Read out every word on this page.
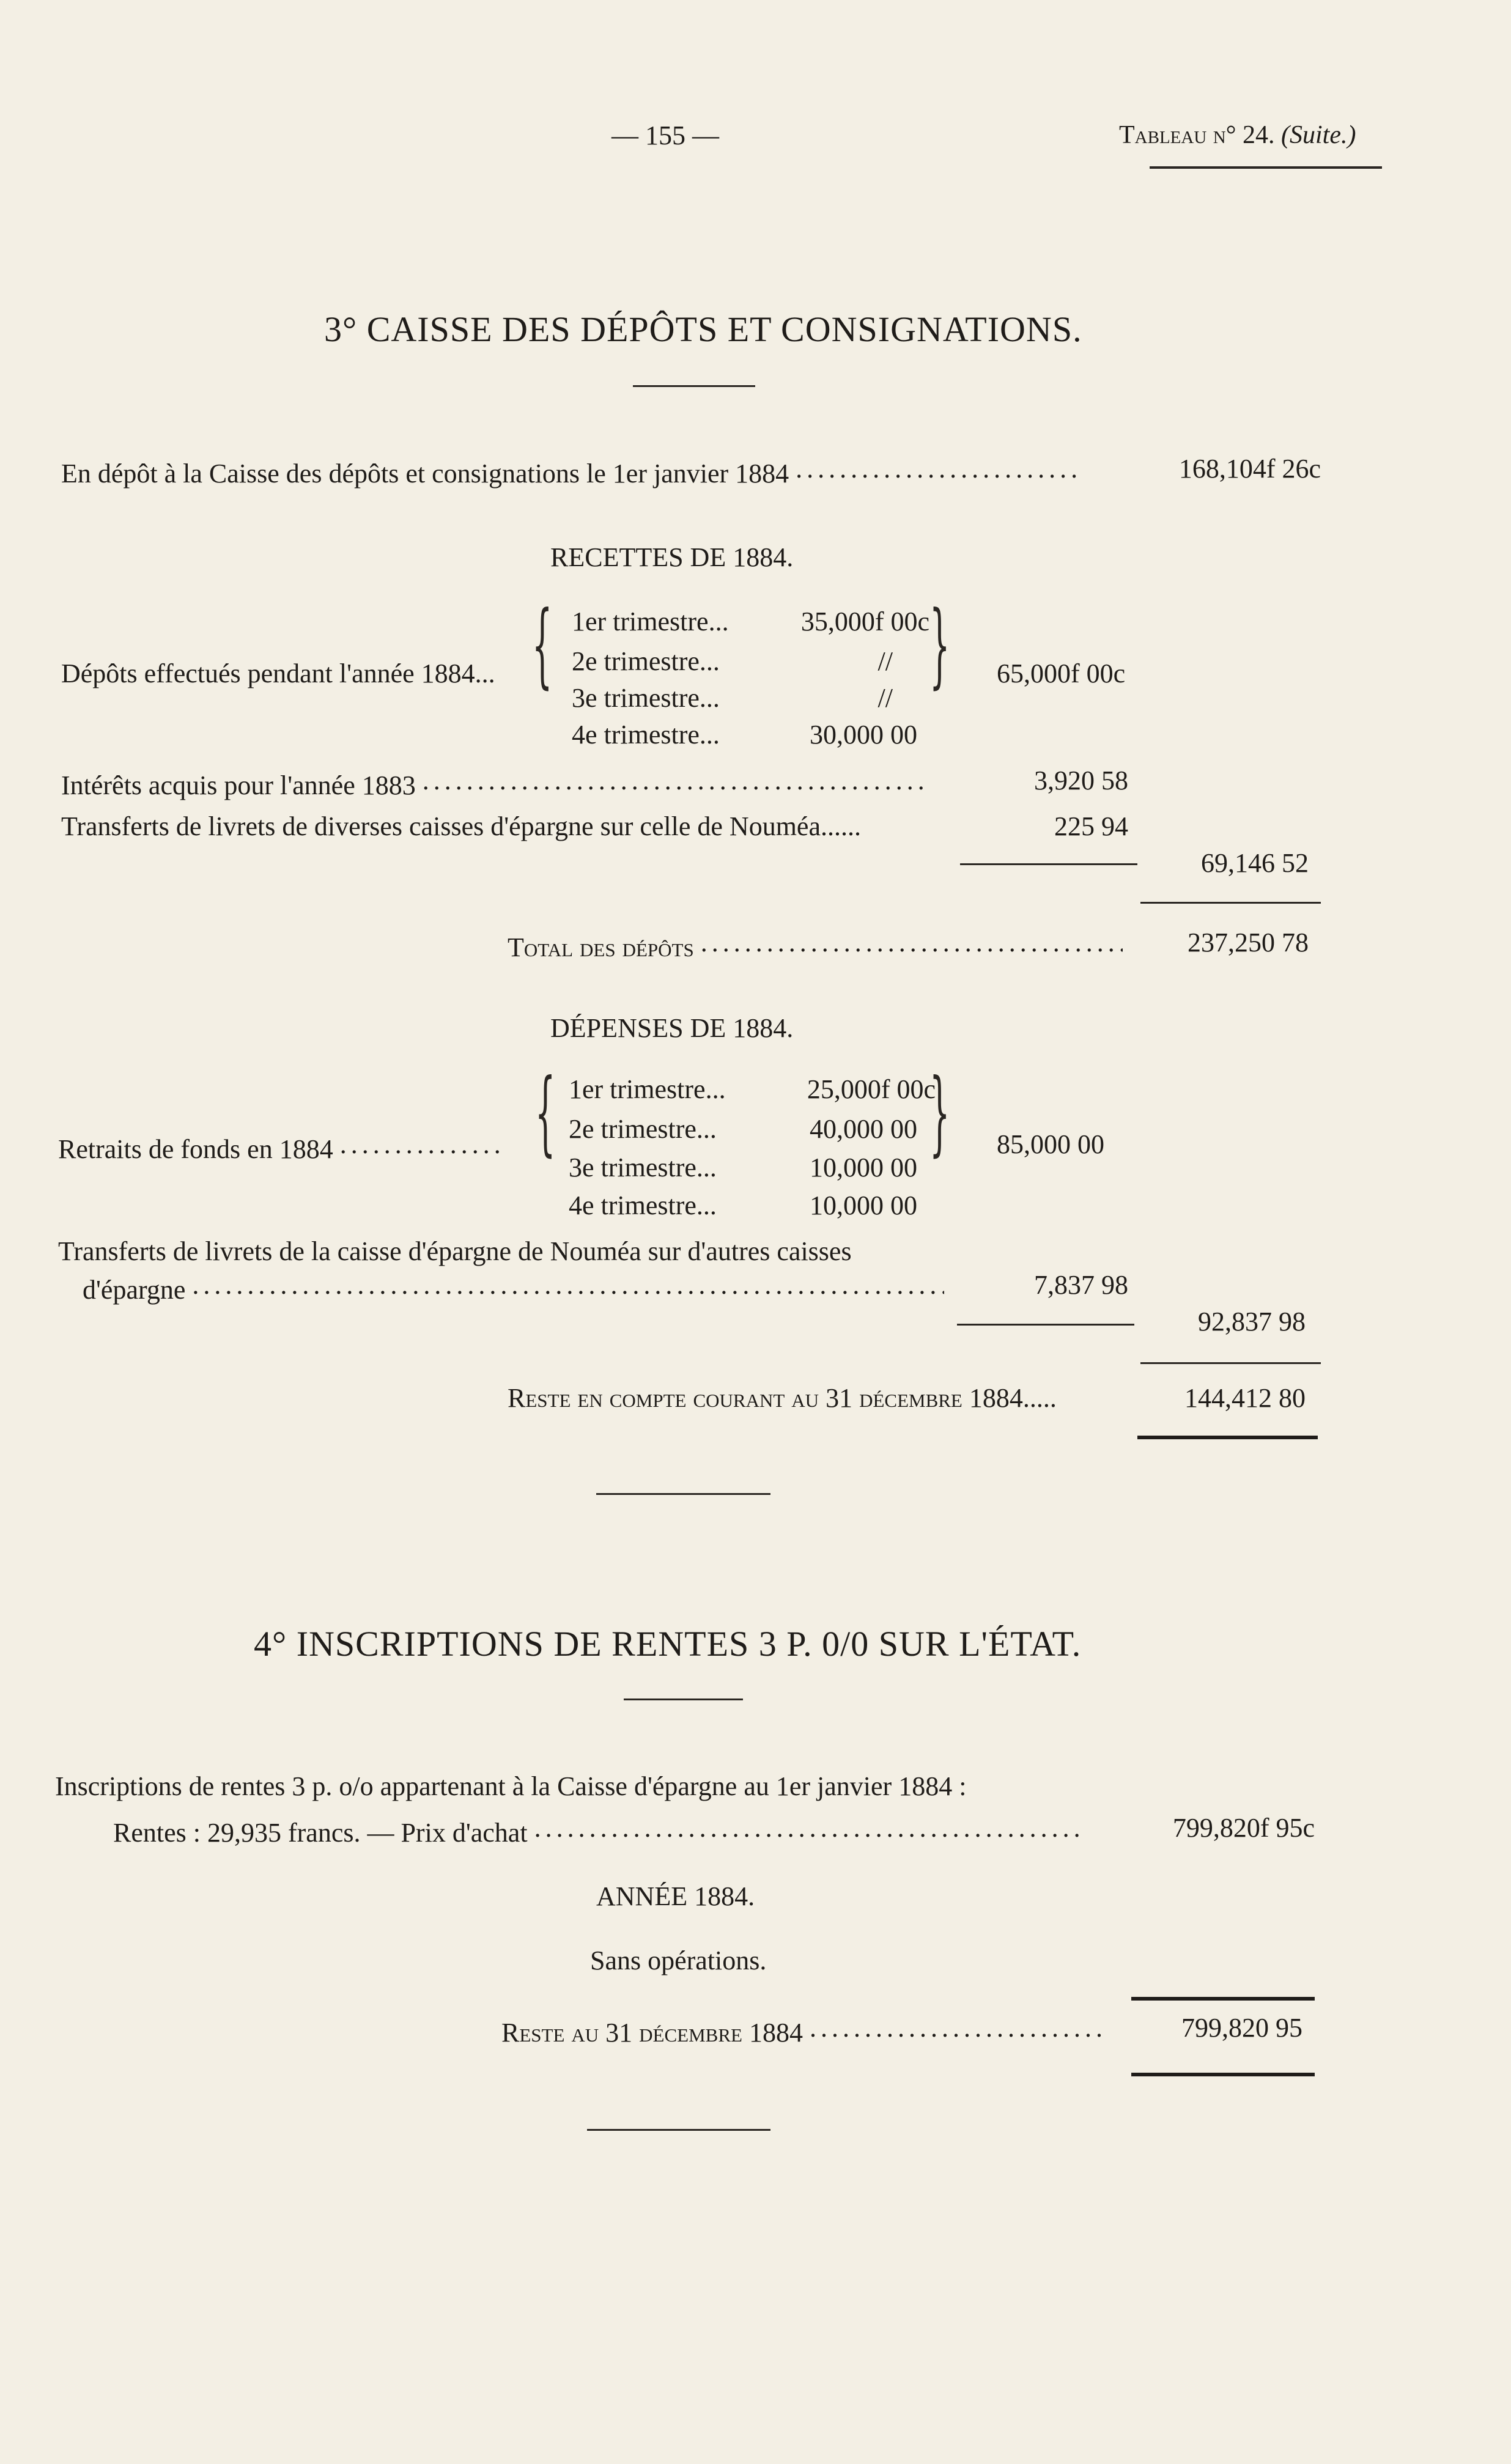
— 155 —	Tableau n° 24. (Suite.)
3° CAISSE DES DÉPÔTS ET CONSIGNATIONS.
En dépôt à la Caisse des dépôts et consignations le 1er janvier 1884 . . .	168,104f 26c
RECETTES DE 1884.
Dépôts effectués pendant l'année 1884... { 1er trimestre...	35,000f 00c
2e trimestre...	//
3e trimestre...	//
4e trimestre...	30,000 00
} 65,000f 00c
Intérêts acquis pour l'année 1883 . . .	3,920 58
Transferts de livrets de diverses caisses d'épargne sur celle de Nouméa......	225 94
69,146 52
Total des dépôts . . .	237,250 78
DÉPENSES DE 1884.
Retraits de fonds en 1884 . . .	{ 1er trimestre...	25,000f 00c
2e trimestre...	40,000 00
3e trimestre...	10,000 00
4e trimestre...	10,000 00
} 85,000 00
Transferts de livrets de la caisse d'épargne de Nouméa sur d'autres caisses
d'épargne . . .	7,837 98
92,837 98
Reste en compte courant au 31 décembre 1884.....	144,412 80
4° INSCRIPTIONS DE RENTES 3 P. 0/0 SUR L'ÉTAT.
Inscriptions de rentes 3 p. o/o appartenant à la Caisse d'épargne au 1er janvier 1884 :
Rentes : 29,935 francs. — Prix d'achat . . .	799,820f 95c
ANNÉE 1884.
Sans opérations.
Reste au 31 décembre 1884 . . .	799,820 95
